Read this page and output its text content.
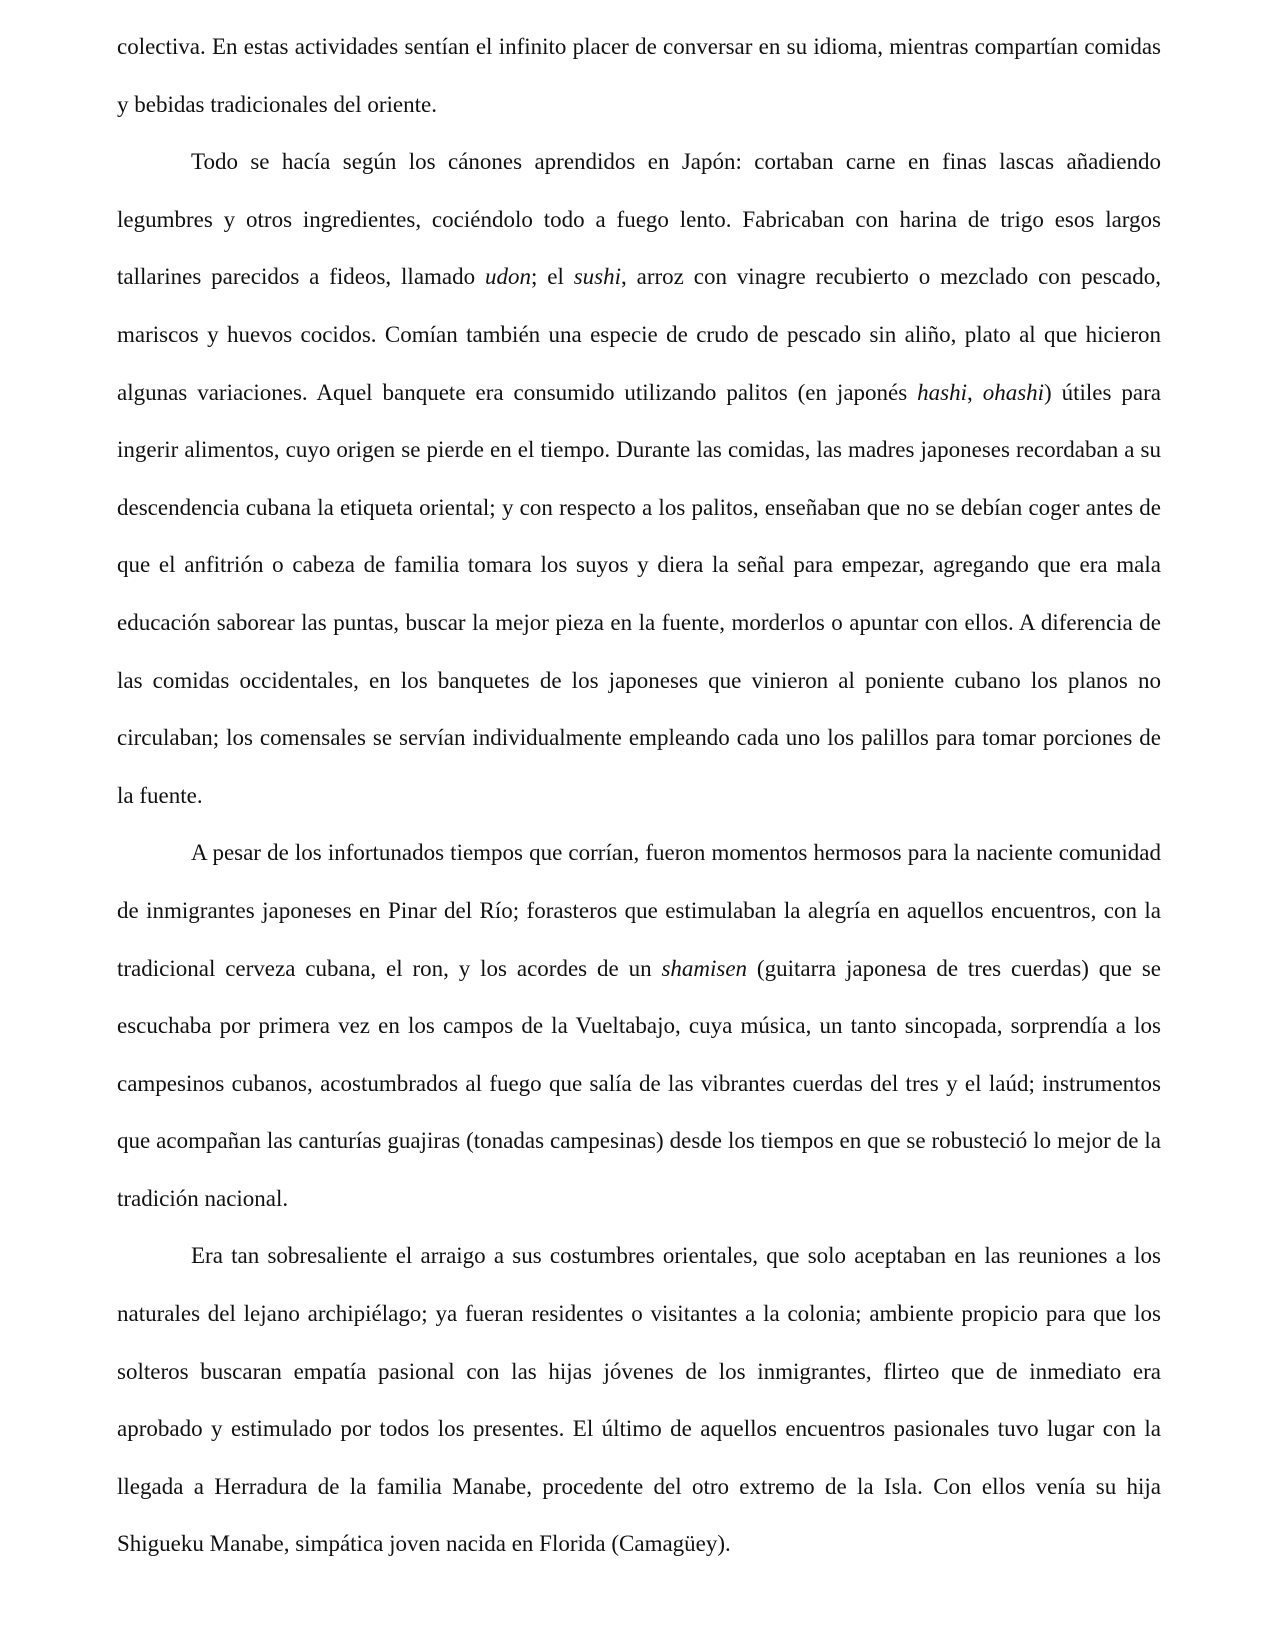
colectiva. En estas actividades sentían el infinito placer de conversar en su idioma, mientras compartían comidas y bebidas tradicionales del oriente.

Todo se hacía según los cánones aprendidos en Japón: cortaban carne en finas lascas añadiendo legumbres y otros ingredientes, cociéndolo todo a fuego lento. Fabricaban con harina de trigo esos largos tallarines parecidos a fideos, llamado udon; el sushi, arroz con vinagre recubierto o mezclado con pescado, mariscos y huevos cocidos. Comían también una especie de crudo de pescado sin aliño, plato al que hicieron algunas variaciones. Aquel banquete era consumido utilizando palitos (en japonés hashi, ohashi) útiles para ingerir alimentos, cuyo origen se pierde en el tiempo. Durante las comidas, las madres japoneses recordaban a su descendencia cubana la etiqueta oriental; y con respecto a los palitos, enseñaban que no se debían coger antes de que el anfitrión o cabeza de familia tomara los suyos y diera la señal para empezar, agregando que era mala educación saborear las puntas, buscar la mejor pieza en la fuente, morderlos o apuntar con ellos. A diferencia de las comidas occidentales, en los banquetes de los japoneses que vinieron al poniente cubano los planos no circulaban; los comensales se servían individualmente empleando cada uno los palillos para tomar porciones de la fuente.

A pesar de los infortunados tiempos que corrían, fueron momentos hermosos para la naciente comunidad de inmigrantes japoneses en Pinar del Río; forasteros que estimulaban la alegría en aquellos encuentros, con la tradicional cerveza cubana, el ron, y los acordes de un shamisen (guitarra japonesa de tres cuerdas) que se escuchaba por primera vez en los campos de la Vueltabajo, cuya música, un tanto sincopada, sorprendía a los campesinos cubanos, acostumbrados al fuego que salía de las vibrantes cuerdas del tres y el laúd; instrumentos que acompañan las canturías guajiras (tonadas campesinas) desde los tiempos en que se robusteció lo mejor de la tradición nacional.

Era tan sobresaliente el arraigo a sus costumbres orientales, que solo aceptaban en las reuniones a los naturales del lejano archipiélago; ya fueran residentes o visitantes a la colonia; ambiente propicio para que los solteros buscaran empatía pasional con las hijas jóvenes de los inmigrantes, flirteo que de inmediato era aprobado y estimulado por todos los presentes. El último de aquellos encuentros pasionales tuvo lugar con la llegada a Herradura de la familia Manabe, procedente del otro extremo de la Isla. Con ellos venía su hija Shigueku Manabe, simpática joven nacida en Florida (Camagüey).
